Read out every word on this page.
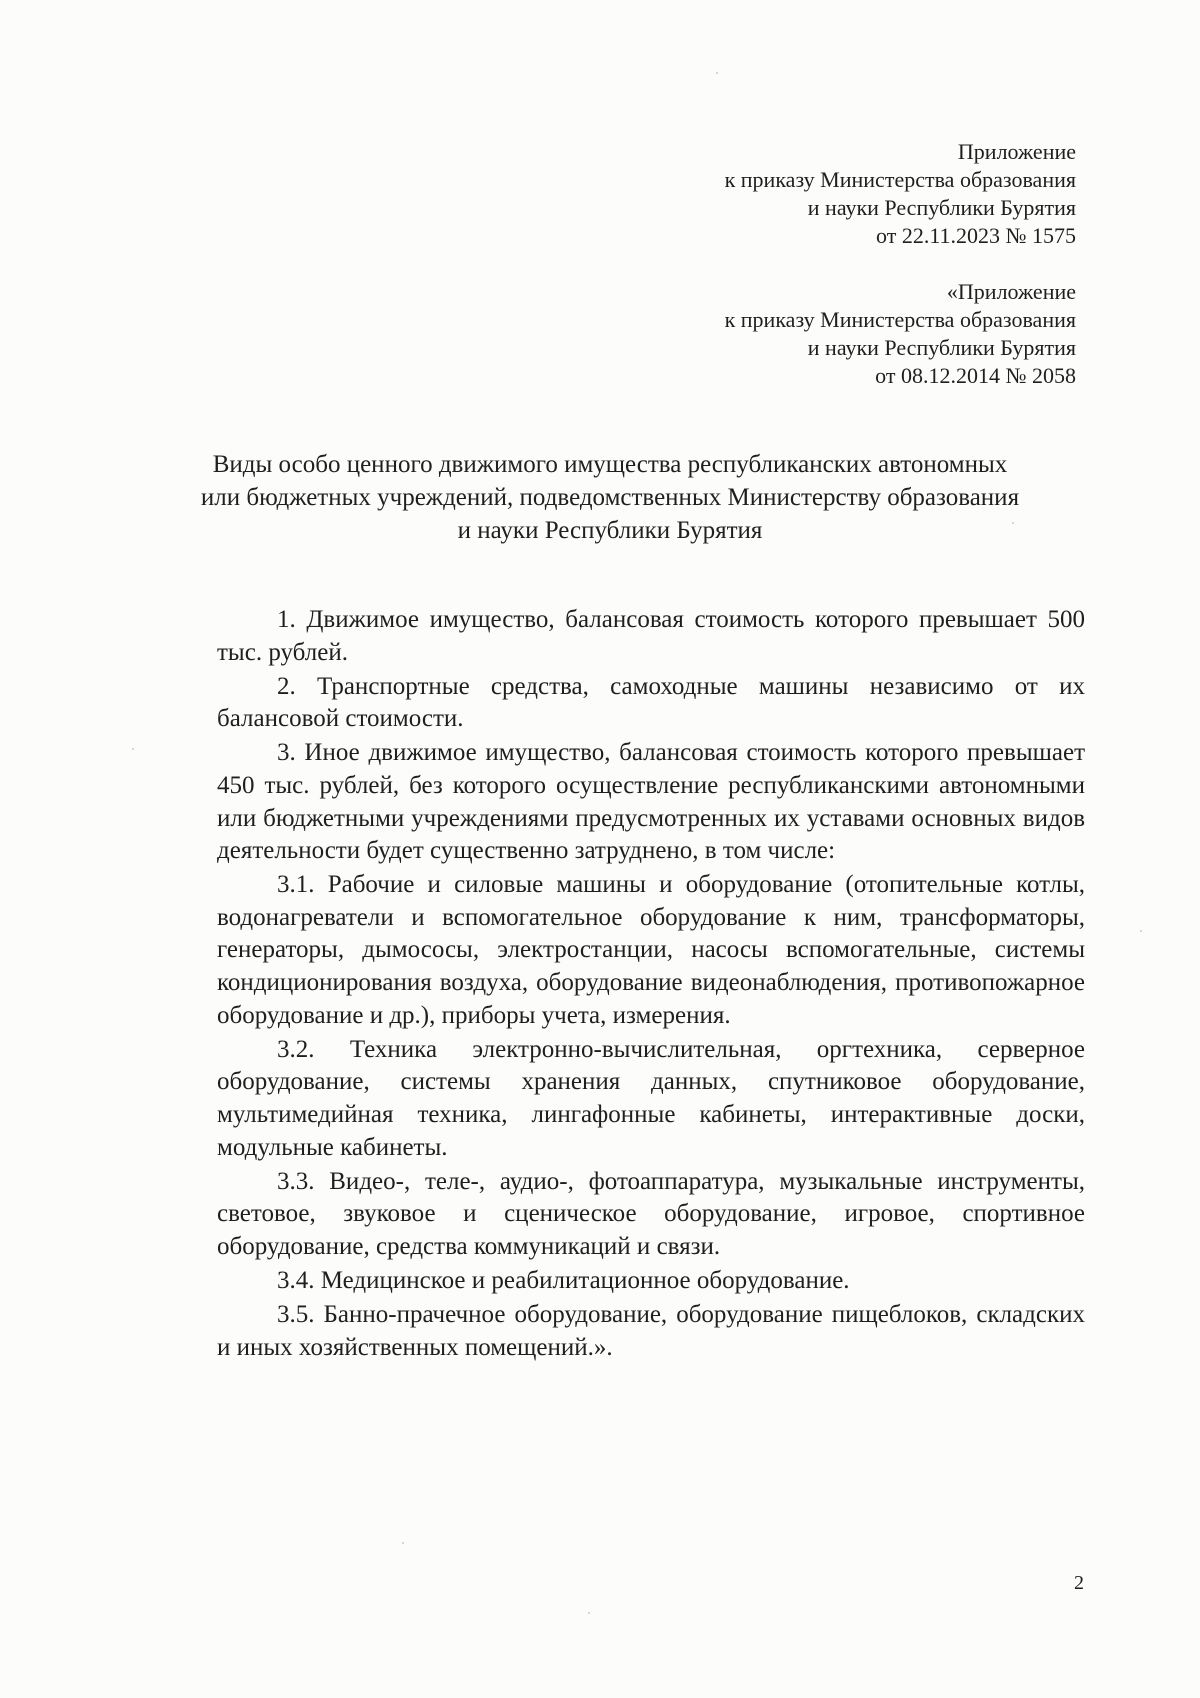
Приложение
к приказу Министерства образования
и науки Республики Бурятия
от 22.11.2023 № 1575
«Приложение
к приказу Министерства образования
и науки Республики Бурятия
от 08.12.2014 № 2058
Виды особо ценного движимого имущества республиканских автономных
или бюджетных учреждений, подведомственных Министерству образования
и науки Республики Бурятия

1. Движимое имущество, балансовая стоимость которого превышает 500 тыс. рублей.

2. Транспортные средства, самоходные машины независимо от их балансовой стоимости.

3. Иное движимое имущество, балансовая стоимость которого превышает 450 тыс. рублей, без которого осуществление республиканскими автономными или бюджетными учреждениями предусмотренных их уставами основных видов деятельности будет существенно затруднено, в том числе:

3.1. Рабочие и силовые машины и оборудование (отопительные котлы, водонагреватели и вспомогательное оборудование к ним, трансформаторы, генераторы, дымососы, электростанции, насосы вспомогательные, системы кондиционирования воздуха, оборудование видеонаблюдения, противопожарное оборудование и др.), приборы учета, измерения.

3.2. Техника электронно-вычислительная, оргтехника, серверное оборудование, системы хранения данных, спутниковое оборудование, мультимедийная техника, лингафонные кабинеты, интерактивные доски, модульные кабинеты.

3.3. Видео-, теле-, аудио-, фотоаппаратура, музыкальные инструменты, световое, звуковое и сценическое оборудование, игровое, спортивное оборудование, средства коммуникаций и связи.

3.4. Медицинское и реабилитационное оборудование.

3.5. Банно-прачечное оборудование, оборудование пищеблоков, складских и иных хозяйственных помещений.».

2
